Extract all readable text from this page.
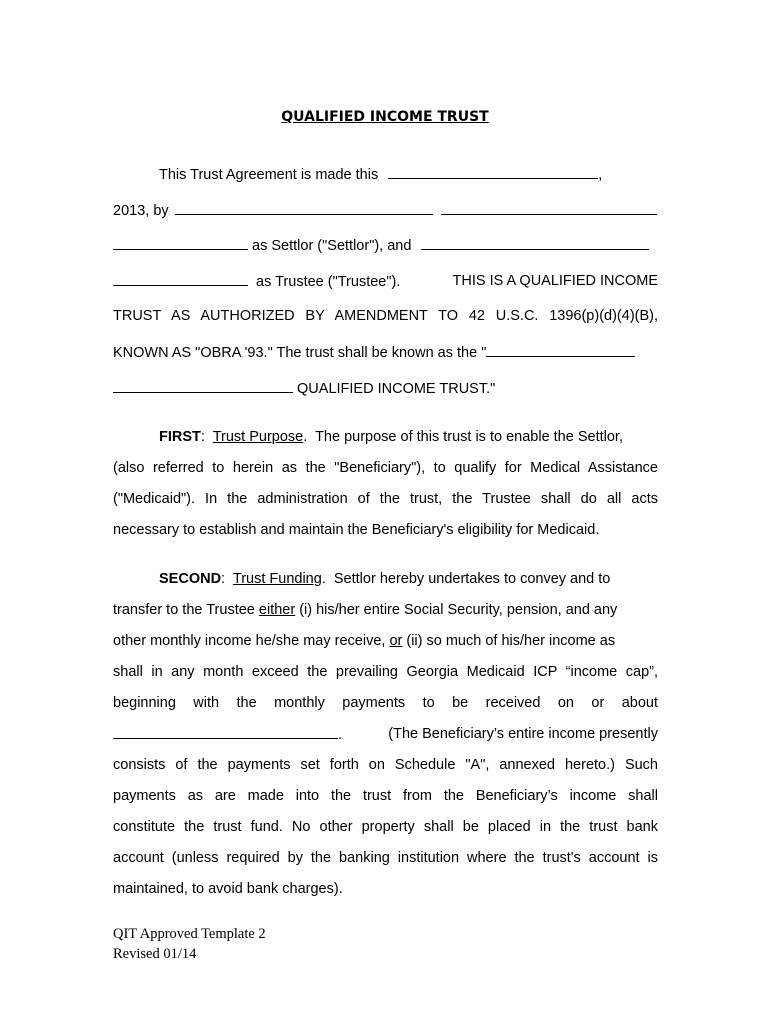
QUALIFIED INCOME TRUST
This Trust Agreement is made this	,
2013, by
as Settlor ("Settlor"), and
as Trustee ("Trustee").	THIS IS A QUALIFIED INCOME
TRUST AS AUTHORIZED BY AMENDMENT TO 42 U.S.C. 1396(p)(d)(4)(B),
KNOWN AS "OBRA '93." The trust shall be known as the "
QUALIFIED INCOME TRUST."
FIRST:  Trust Purpose.  The purpose of this trust is to enable the Settlor,
(also referred to herein as the "Beneficiary"), to qualify for Medical Assistance
("Medicaid"). In the administration of the trust, the Trustee shall do all acts
necessary to establish and maintain the Beneficiary's eligibility for Medicaid.
SECOND:  Trust Funding.  Settlor hereby undertakes to convey and to
transfer to the Trustee either (i) his/her entire Social Security, pension, and any
other monthly income he/she may receive, or (ii) so much of his/her income as
shall in any month exceed the prevailing Georgia Medicaid ICP “income cap”,
beginning with the monthly payments to be received on or about
.	(The Beneficiary’s entire income presently
consists of the payments set forth on Schedule "A", annexed hereto.) Such
payments as are made into the trust from the Beneficiary’s income shall
constitute the trust fund. No other property shall be placed in the trust bank
account (unless required by the banking institution where the trust's account is
maintained, to avoid bank charges).
QIT Approved Template 2
Revised 01/14
